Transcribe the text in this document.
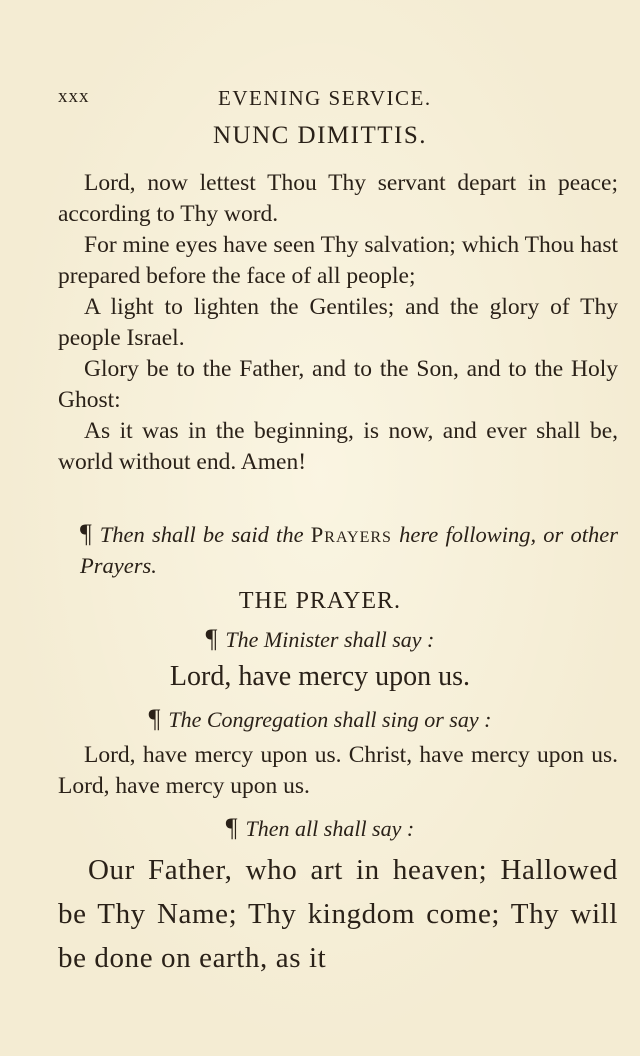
xxx	EVENING SERVICE.
NUNC DIMITTIS.

Lord, now lettest Thou Thy servant depart in peace; according to Thy word.

For mine eyes have seen Thy salvation; which Thou hast prepared before the face of all people;

A light to lighten the Gentiles; and the glory of Thy people Israel.

Glory be to the Father, and to the Son, and to the Holy Ghost:

As it was in the beginning, is now, and ever shall be, world without end. Amen!

¶ Then shall be said the Prayers here following, or other Prayers.
THE PRAYER.
¶ The Minister shall say :
Lord, have mercy upon us.
¶ The Congregation shall sing or say :

Lord, have mercy upon us. Christ, have mercy upon us. Lord, have mercy upon us.

¶ Then all shall say :

Our Father, who art in heaven; Hallowed be Thy Name; Thy kingdom come; Thy will be done on earth, as it
